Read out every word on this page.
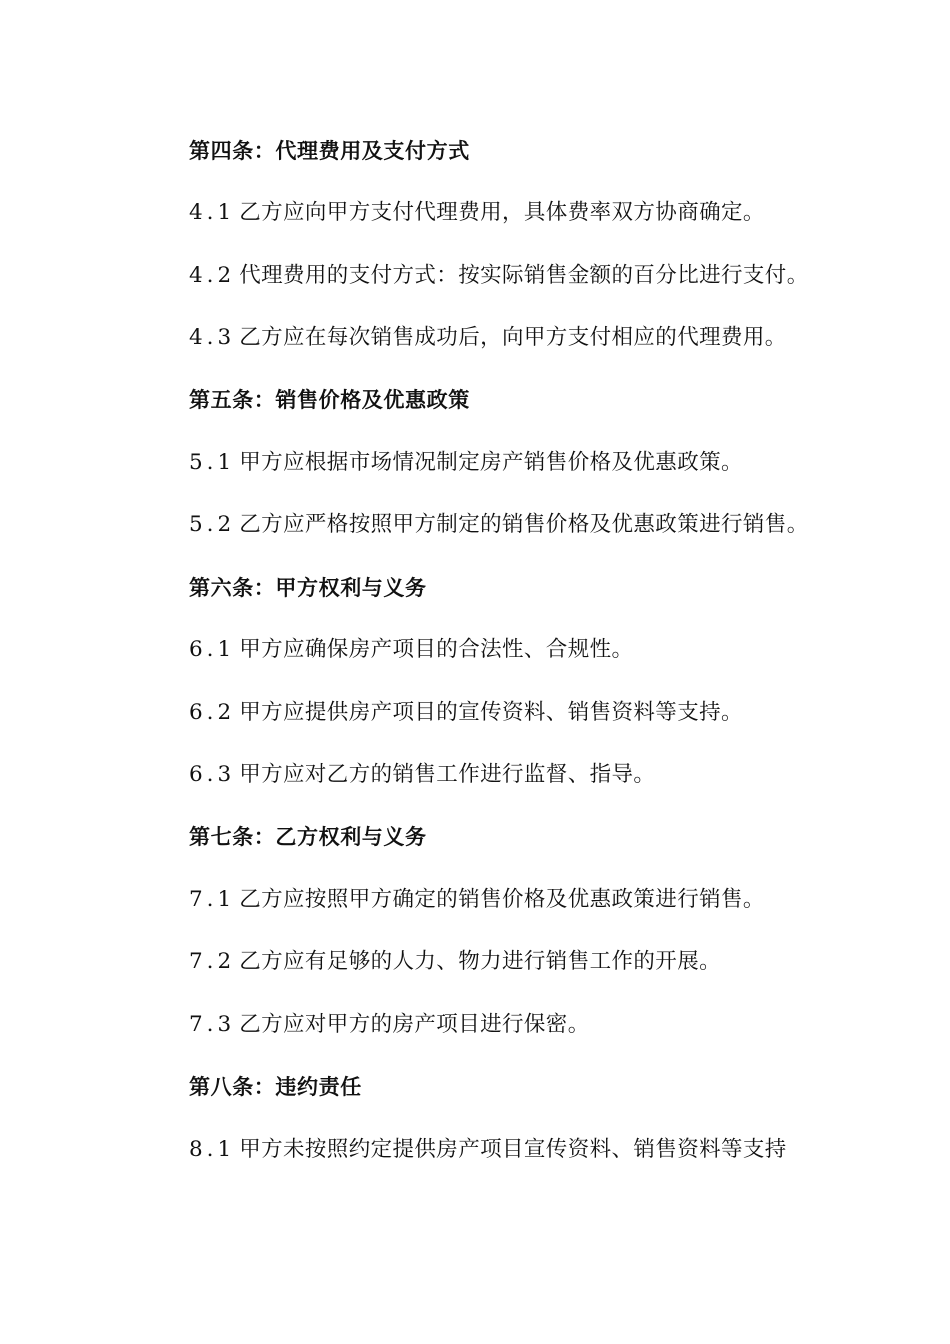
第四条：代理费用及支付方式
4.1 乙方应向甲方支付代理费用，具体费率双方协商确定。
4.2 代理费用的支付方式：按实际销售金额的百分比进行支付。
4.3 乙方应在每次销售成功后，向甲方支付相应的代理费用。
第五条：销售价格及优惠政策
5.1 甲方应根据市场情况制定房产销售价格及优惠政策。
5.2 乙方应严格按照甲方制定的销售价格及优惠政策进行销售。
第六条：甲方权利与义务
6.1 甲方应确保房产项目的合法性、合规性。
6.2 甲方应提供房产项目的宣传资料、销售资料等支持。
6.3 甲方应对乙方的销售工作进行监督、指导。
第七条：乙方权利与义务
7.1 乙方应按照甲方确定的销售价格及优惠政策进行销售。
7.2 乙方应有足够的人力、物力进行销售工作的开展。
7.3 乙方应对甲方的房产项目进行保密。
第八条：违约责任
8.1 甲方未按照约定提供房产项目宣传资料、销售资料等支持
